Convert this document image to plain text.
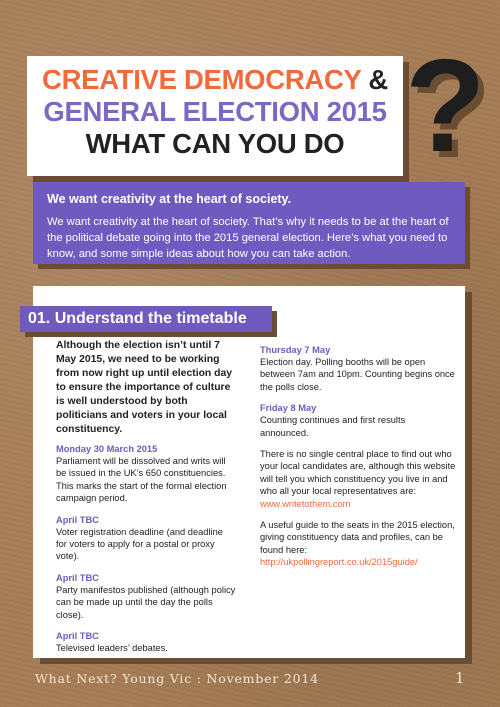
CREATIVE DEMOCRACY &
GENERAL ELECTION 2015
WHAT CAN YOU DO ?
We want creativity at the heart of society.
We want creativity at the heart of society. That’s why it needs to be at the heart of the political debate going into the 2015 general election. Here’s what you need to know, and some simple ideas about how you can take action.
01. Understand the timetable
Although the election isn’t until 7 May 2015, we need to be working from now right up until election day to ensure the importance of culture is well understood by both politicians and voters in your local constituency.
Monday 30 March 2015
Parliament will be dissolved and writs will be issued in the UK’s 650 constituencies. This marks the start of the formal election campaign period.
April TBC
Voter registration deadline (and deadline for voters to apply for a postal or proxy vote).
April TBC
Party manifestos published (although policy can be made up until the day the polls close).
April TBC
Televised leaders’ debates.
Thursday 7 May
Election day. Polling booths will be open between 7am and 10pm. Counting begins once the polls close.
Friday 8 May
Counting continues and first results announced.
There is no single central place to find out who your local candidates are, although this website will tell you which constituency you live in and who all your local representatives are:
www.writetothem.com
A useful guide to the seats in the 2015 election, giving constituency data and profiles, can be found here:
http://ukpollingreport.co.uk/2015guide/
What Next? Young Vic : November 2014	1
